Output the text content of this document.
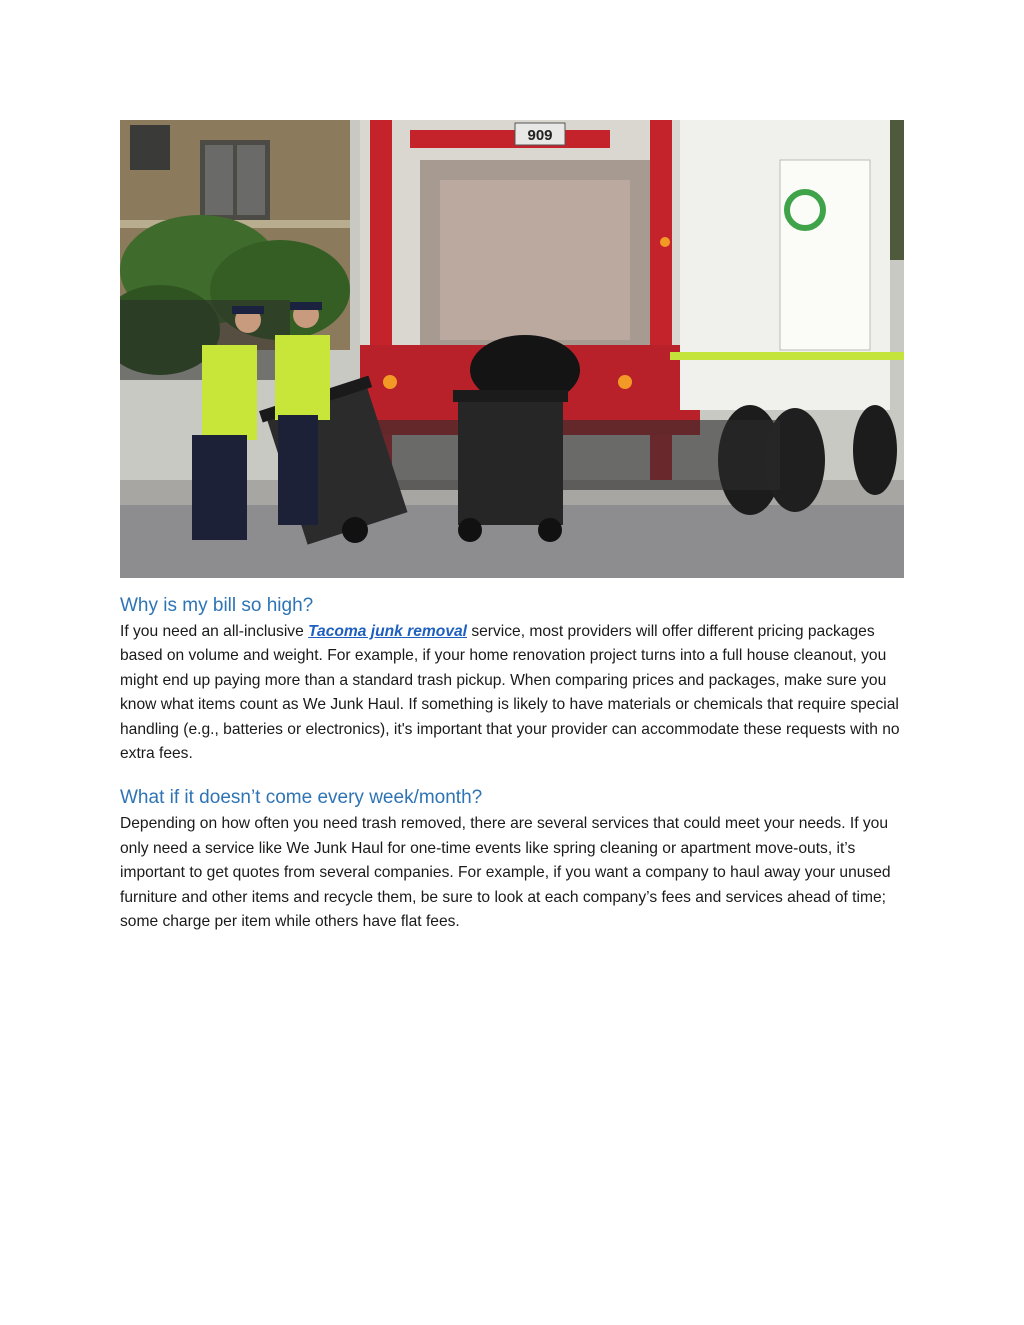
909
Why is my bill so high?

If you need an all-inclusive Tacoma junk removal service, most providers will offer different pricing packages based on volume and weight. For example, if your home renovation project turns into a full house cleanout, you might end up paying more than a standard trash pickup. When comparing prices and packages, make sure you know what items count as We Junk Haul. If something is likely to have materials or chemicals that require special handling (e.g., batteries or electronics), it's important that your provider can accommodate these requests with no extra fees.

What if it doesn’t come every week/month?

Depending on how often you need trash removed, there are several services that could meet your needs. If you only need a service like We Junk Haul for one-time events like spring cleaning or apartment move-outs, it’s important to get quotes from several companies. For example, if you want a company to haul away your unused furniture and other items and recycle them, be sure to look at each company’s fees and services ahead of time; some charge per item while others have flat fees.
